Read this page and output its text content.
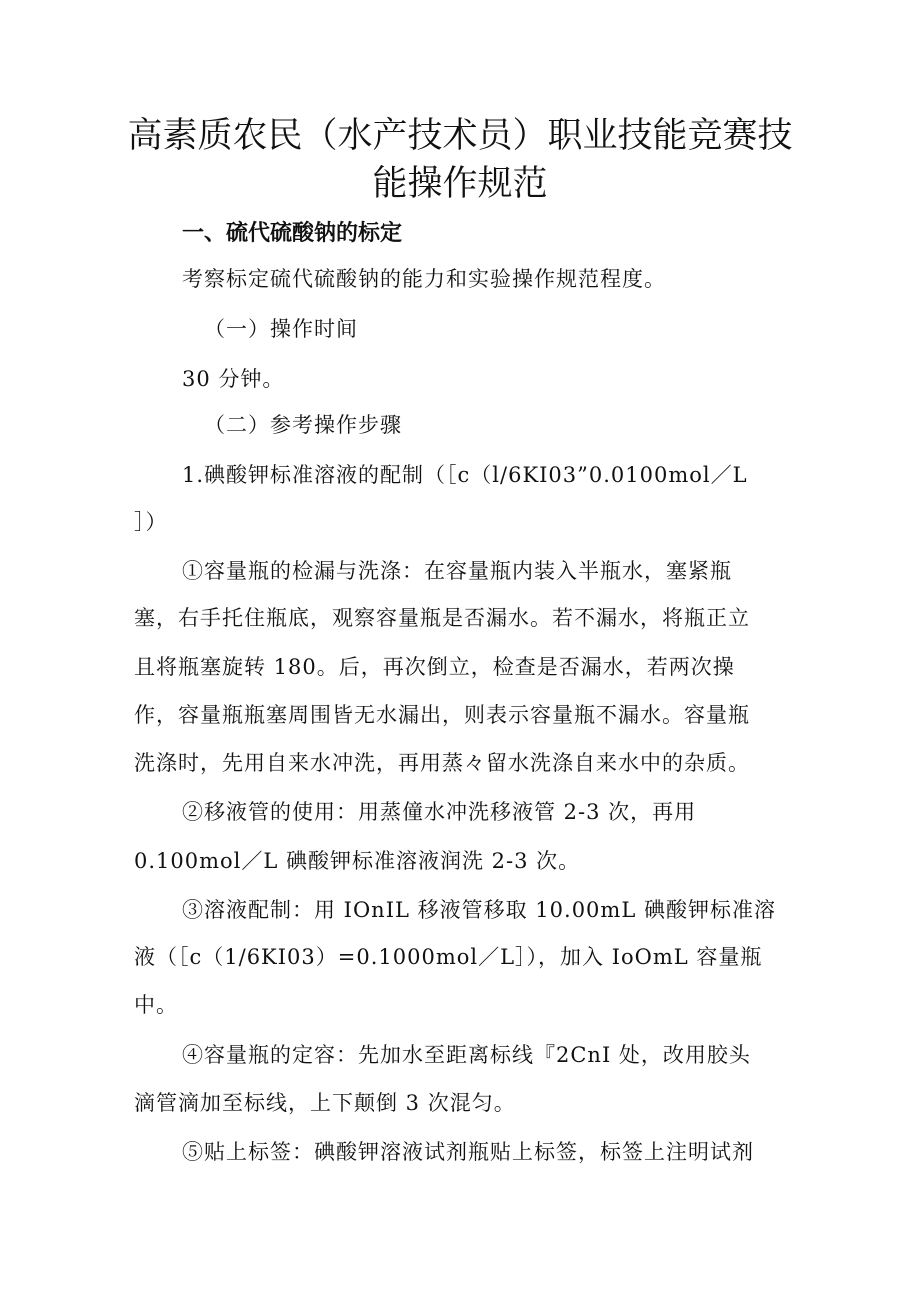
高素质农民（水产技术员）职业技能竞赛技
能操作规范
一、硫代硫酸钠的标定
考察标定硫代硫酸钠的能力和实验操作规范程度。
（一）操作时间
30 分钟。
（二）参考操作步骤
1.碘酸钾标准溶液的配制（［c（l/6KI03”0.0100mol／L
］）
①容量瓶的检漏与洗涤：在容量瓶内装入半瓶水，塞紧瓶
塞，右手托住瓶底，观察容量瓶是否漏水。若不漏水，将瓶正立
且将瓶塞旋转 180。后，再次倒立，检查是否漏水，若两次操
作，容量瓶瓶塞周围皆无水漏出，则表示容量瓶不漏水。容量瓶
洗涤时，先用自来水冲洗，再用蒸々留水洗涤自来水中的杂质。
②移液管的使用：用蒸僮水冲洗移液管 2-3 次，再用
0.100mol／L 碘酸钾标准溶液润洗 2-3 次。
③溶液配制：用 IOnIL 移液管移取 10.00mL 碘酸钾标准溶
液（［c（1/6KI03）=0.1000mol／L］），加入 IoOmL 容量瓶
中。
④容量瓶的定容：先加水至距离标线『2CnI 处，改用胶头
滴管滴加至标线，上下颠倒 3 次混匀。
⑤贴上标签：碘酸钾溶液试剂瓶贴上标签，标签上注明试剂
